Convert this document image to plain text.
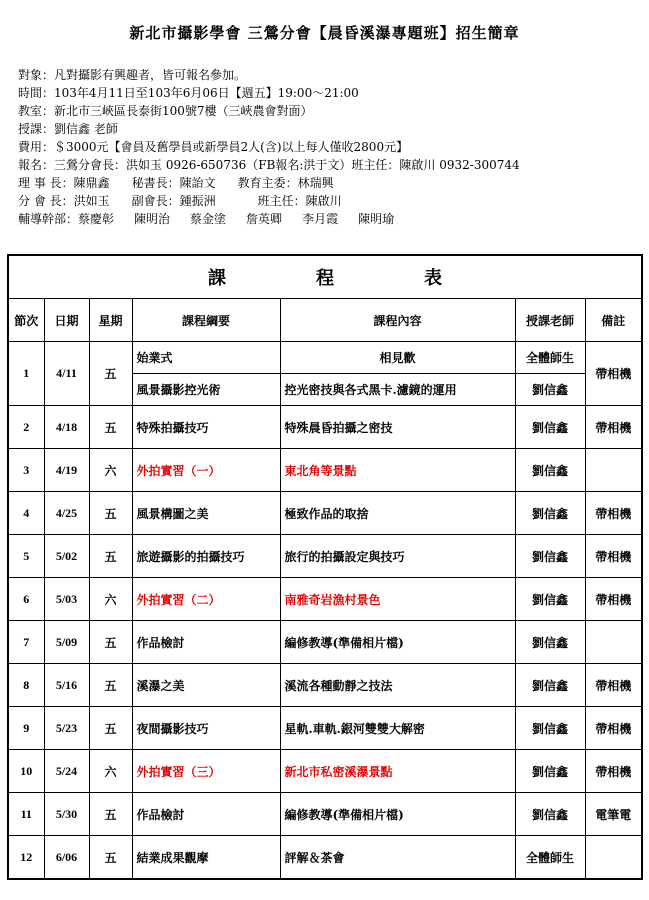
新北市攝影學會 三鶯分會【晨昏溪瀑專題班】招生簡章
對象：凡對攝影有興趣者，皆可報名參加。
時間：103年4月11日至103年6月06日【週五】19:00～21:00
教室：新北市三峽區長泰街100號7樓（三峽農會對面）
授課：劉信鑫 老師
費用：＄3000元【會員及舊學員或新學員2人(含)以上每人僅收2800元】
報名：三鶯分會長：洪如玉 0926-650736（FB報名:洪于文）班主任：陳啟川 0932-300744
理 事 長：陳鼎鑫 秘書長：陳詒文 教育主委：林瑞興
分 會 長：洪如玉 副會長：鍾振洲	班主任：陳啟川
輔導幹部：蔡慶彰 陳明治 蔡金塗 詹英卿 李月霞 陳明瑜
課 程 表						
節次	日期	星期	課程綱要	課程內容	授課老師	備註
1	4/11	五	始業式	相見歡	全體師生	帶相機
			風景攝影控光術	控光密技與各式黑卡.濾鏡的運用	劉信鑫	
2	4/18	五	特殊拍攝技巧	特殊晨昏拍攝之密技	劉信鑫	帶相機
3	4/19	六	外拍實習（一）	東北角等景點	劉信鑫	
4	4/25	五	風景構圖之美	極致作品的取捨	劉信鑫	帶相機
5	5/02	五	旅遊攝影的拍攝技巧	旅行的拍攝設定與技巧	劉信鑫	帶相機
6	5/03	六	外拍實習（二）	南雅奇岩漁村景色	劉信鑫	帶相機
7	5/09	五	作品檢討	編修教導(準備相片檔)	劉信鑫	
8	5/16	五	溪瀑之美	溪流各種動靜之技法	劉信鑫	帶相機
9	5/23	五	夜間攝影技巧	星軌.車軌.銀河雙雙大解密	劉信鑫	帶相機
10	5/24	六	外拍實習（三）	新北市私密溪瀑景點	劉信鑫	帶相機
11	5/30	五	作品檢討	編修教導(準備相片檔)	劉信鑫	電筆電
12	6/06	五	結業成果觀摩	評解＆茶會	全體師生	
